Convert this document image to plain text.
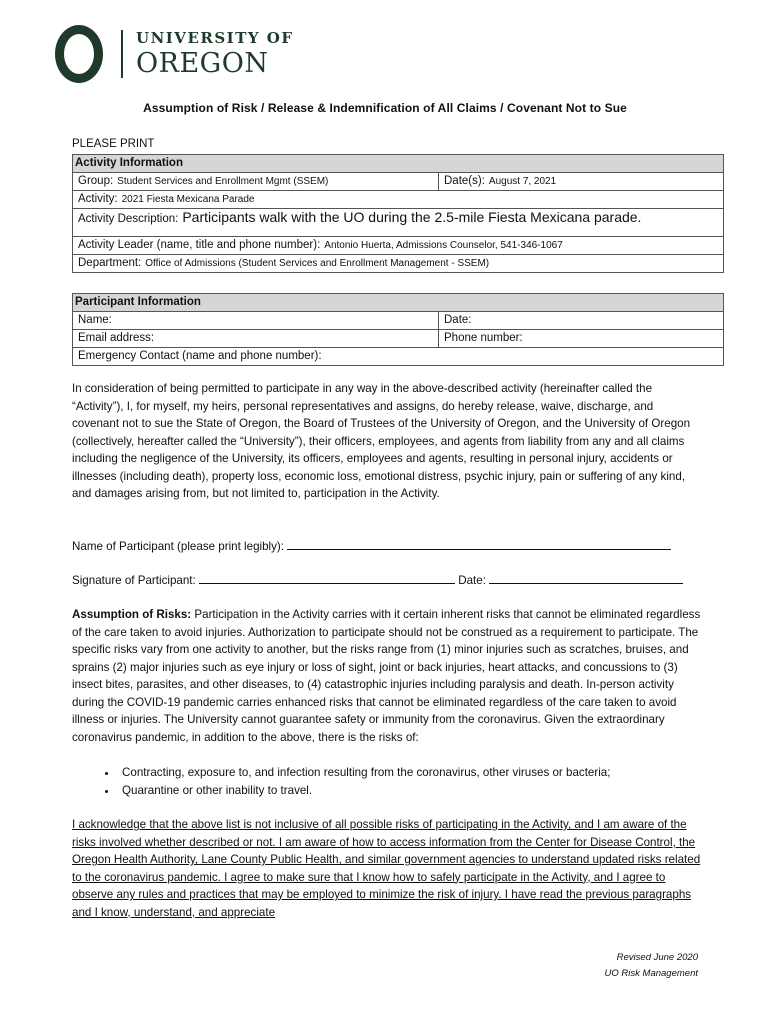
UNIVERSITY OF
OREGON
Assumption of Risk / Release & Indemnification of All Claims / Covenant Not to Sue
PLEASE PRINT
Activity Information
Group: Student Services and Enrollment Mgmt (SSEM)	Date(s): August 7, 2021
Activity: 2021 Fiesta Mexicana Parade
Activity Description: Participants walk with the UO during the 2.5-mile Fiesta Mexicana parade.
Activity Leader (name, title and phone number): Antonio Huerta, Admissions Counselor, 541-346-1067
Department: Office of Admissions (Student Services and Enrollment Management - SSEM)
Participant Information	
Name:	Date:
Email address:	Phone number:
Emergency Contact (name and phone number):	
In consideration of being permitted to participate in any way in the above-described activity (hereinafter called the “Activity”), I, for myself, my heirs, personal representatives and assigns, do hereby release, waive, discharge, and covenant not to sue the State of Oregon, the Board of Trustees of the University of Oregon, and the University of Oregon (collectively, hereafter called the “University”), their officers, employees, and agents from liability from any and all claims including the negligence of the University, its officers, employees and agents, resulting in personal injury, accidents or illnesses (including death), property loss, economic loss, emotional distress, psychic injury, pain or suffering of any kind, and damages arising from, but not limited to, participation in the Activity.
Name of Participant (please print legibly):
Signature of Participant:	Date:
Assumption of Risks: Participation in the Activity carries with it certain inherent risks that cannot be eliminated regardless of the care taken to avoid injuries. Authorization to participate should not be construed as a requirement to participate. The specific risks vary from one activity to another, but the risks range from (1) minor injuries such as scratches, bruises, and sprains (2) major injuries such as eye injury or loss of sight, joint or back injuries, heart attacks, and concussions to (3) insect bites, parasites, and other diseases, to (4) catastrophic injuries including paralysis and death. In-person activity during the COVID-19 pandemic carries enhanced risks that cannot be eliminated regardless of the care taken to avoid illness or injuries. The University cannot guarantee safety or immunity from the coronavirus. Given the extraordinary coronavirus pandemic, in addition to the above, there is the risks of:
• Contracting, exposure to, and infection resulting from the coronavirus, other viruses or bacteria;
• Quarantine or other inability to travel.
I acknowledge that the above list is not inclusive of all possible risks of participating in the Activity, and I am aware of the risks involved whether described or not. I am aware of how to access information from the Center for Disease Control, the Oregon Health Authority, Lane County Public Health, and similar government agencies to understand updated risks related to the coronavirus pandemic. I agree to make sure that I know how to safely participate in the Activity, and I agree to observe any rules and practices that may be employed to minimize the risk of injury. I have read the previous paragraphs and I know, understand, and appreciate
Revised June 2020
UO Risk Management
